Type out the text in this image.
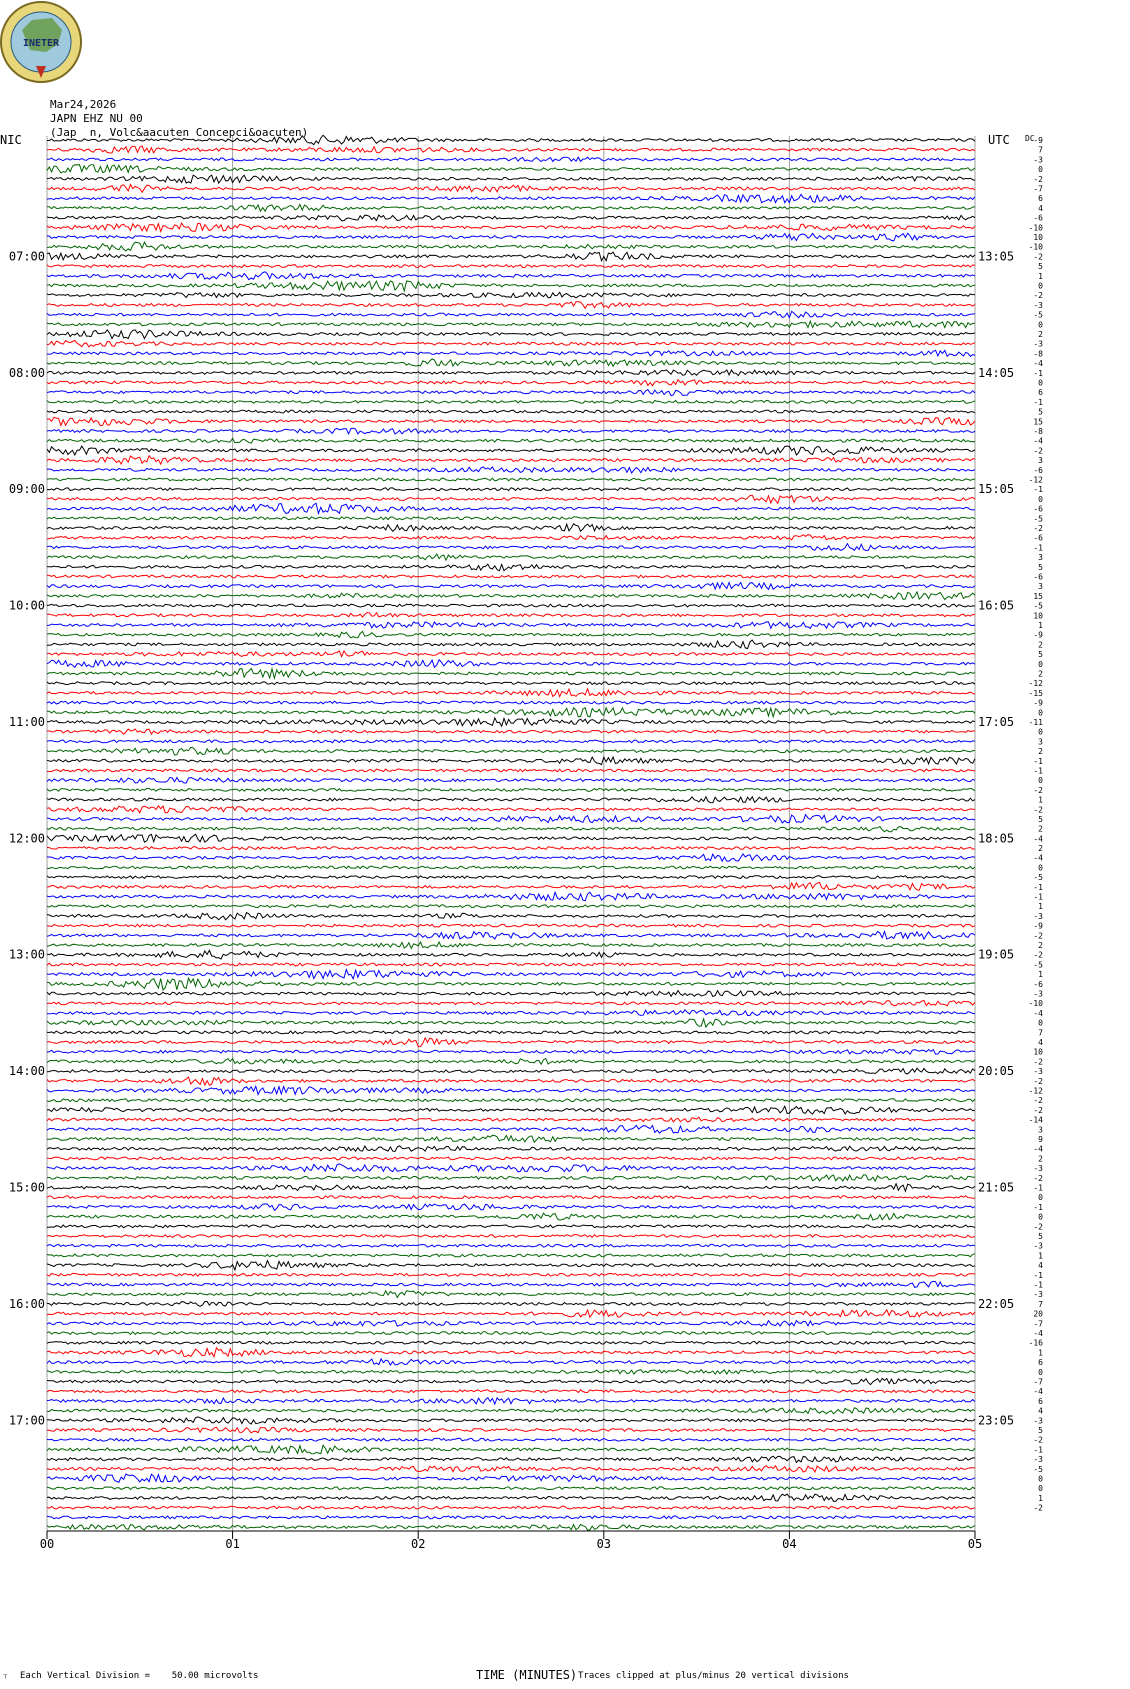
INETER
00	01	02	03	04	05
-9
7
-3
0
-2
-7
6
4
-6
-10
10
-10
-2
5
1
0
-2
-3
-5
0
2
-3
-8
-4
-1
0
6
-1
5
15
-8
-4
-2
3
-6
-12
-1
0
-6
-5
-2
-6
-1
3
5
-6
3
15
-5
10
1
-9
2
5
0
2
-12
-15
-9
0
-11
0
3
2
-1
-1
0
-2
1
-2
5
2
-4
2
-4
0
-5
-1
-1
1
-3
-9
-2
2
-2
-5
1
-6
-3
-10
-4
0
7
4
10
-2
-3
-2
-12
-2
-2
-14
3
9
-4
2
-3
-2
-1
0
-1
0
-2
5
-3
1
4
-1
-1
-3
7
20
-7
-4
-16
1
6
0
-7
-4
6
4
-3
5
-2
-1
-3
-5
0
0
1
-2
07:00
08:00
09:00
10:00
11:00
12:00
13:00
14:00
15:00
16:00
17:00
13:05
14:05
15:05
16:05
17:05
18:05
19:05
20:05
21:05
22:05
23:05
NIC	UTC DC
Mar24,2026
JAPN EHZ NU 00
(Jap  n, Volc&aacuten Concepci&oacuten)
⸆ Each Vertical Division =    50.00 microvolts	TIME (MINUTES) Traces clipped at plus/minus 20 vertical divisions
